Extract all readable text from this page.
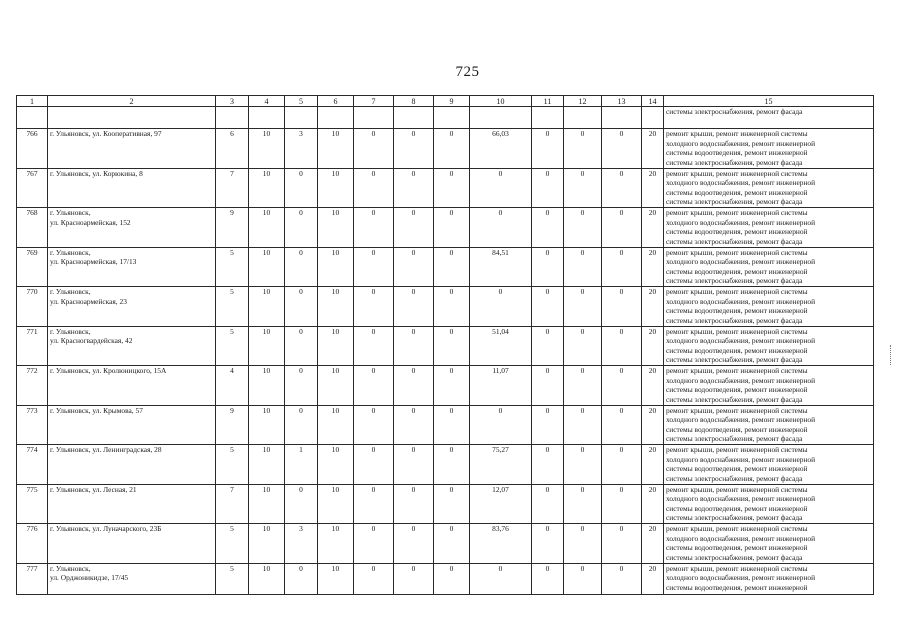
725
1	2	3	4	5	6	7	8	9	10	11	12	13	14	15
														системы электроснабжения, ремонт фасада
766	г. Ульяновск, ул. Кооперативная, 97	6	10	3	10	0	0	0	66,03	0	0	0	20	ремонт крыши, ремонт инженерной системы
холодного водоснабжения, ремонт инженерной
системы водоотведения, ремонт инженерной
системы электроснабжения, ремонт фасада
767	г. Ульяновск, ул. Корюкина, 8	7	10	0	10	0	0	0	0	0	0	0	20	ремонт крыши, ремонт инженерной системы
холодного водоснабжения, ремонт инженерной
системы водоотведения, ремонт инженерной
системы электроснабжения, ремонт фасада
768	г. Ульяновск,
ул. Красноармейская, 152	9	10	0	10	0	0	0	0	0	0	0	20	ремонт крыши, ремонт инженерной системы
холодного водоснабжения, ремонт инженерной
системы водоотведения, ремонт инженерной
системы электроснабжения, ремонт фасада
769	г. Ульяновск,
ул. Красноармейская, 17/13	5	10	0	10	0	0	0	84,51	0	0	0	20	ремонт крыши, ремонт инженерной системы
холодного водоснабжения, ремонт инженерной
системы водоотведения, ремонт инженерной
системы электроснабжения, ремонт фасада
770	г. Ульяновск,
ул. Красноармейская, 23	5	10	0	10	0	0	0	0	0	0	0	20	ремонт крыши, ремонт инженерной системы
холодного водоснабжения, ремонт инженерной
системы водоотведения, ремонт инженерной
системы электроснабжения, ремонт фасада
771	г. Ульяновск,
ул. Красногвардейская, 42	5	10	0	10	0	0	0	51,04	0	0	0	20	ремонт крыши, ремонт инженерной системы
холодного водоснабжения, ремонт инженерной
системы водоотведения, ремонт инженерной
системы электроснабжения, ремонт фасада
772	г. Ульяновск, ул. Кролюницкого, 15А	4	10	0	10	0	0	0	11,07	0	0	0	20	ремонт крыши, ремонт инженерной системы
холодного водоснабжения, ремонт инженерной
системы водоотведения, ремонт инженерной
системы электроснабжения, ремонт фасада
773	г. Ульяновск, ул. Крымова, 57	9	10	0	10	0	0	0	0	0	0	0	20	ремонт крыши, ремонт инженерной системы
холодного водоснабжения, ремонт инженерной
системы водоотведения, ремонт инженерной
системы электроснабжения, ремонт фасада
774	г. Ульяновск, ул. Ленинградская, 28	5	10	1	10	0	0	0	75,27	0	0	0	20	ремонт крыши, ремонт инженерной системы
холодного водоснабжения, ремонт инженерной
системы водоотведения, ремонт инженерной
системы электроснабжения, ремонт фасада
775	г. Ульяновск, ул. Лесная, 21	7	10	0	10	0	0	0	12,07	0	0	0	20	ремонт крыши, ремонт инженерной системы
холодного водоснабжения, ремонт инженерной
системы водоотведения, ремонт инженерной
системы электроснабжения, ремонт фасада
776	г. Ульяновск, ул. Луначарского, 23Б	5	10	3	10	0	0	0	83,76	0	0	0	20	ремонт крыши, ремонт инженерной системы
холодного водоснабжения, ремонт инженерной
системы водоотведения, ремонт инженерной
системы электроснабжения, ремонт фасада
777	г. Ульяновск,
ул. Орджоникидзе, 17/45	5	10	0	10	0	0	0	0	0	0	0	20	ремонт крыши, ремонт инженерной системы
холодного водоснабжения, ремонт инженерной
системы водоотведения, ремонт инженерной
